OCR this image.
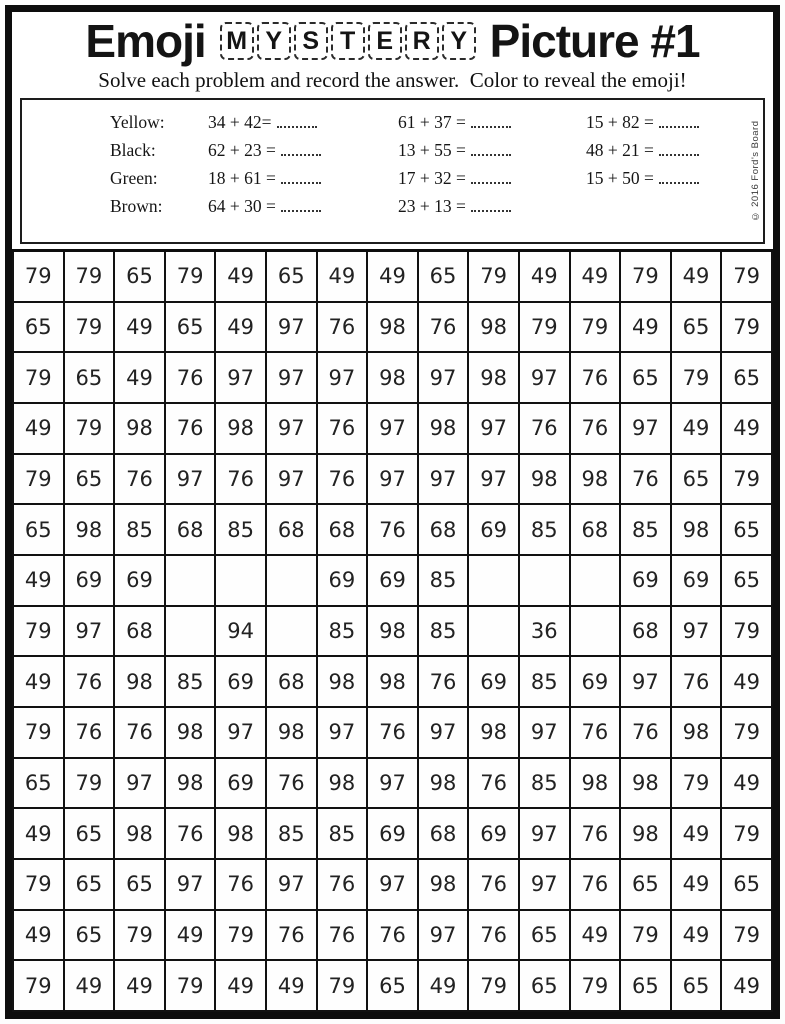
Emoji M Y S T E R Y Picture #1
Solve each problem and record the answer.  Color to reveal the emoji!
Yellow:	34 + 42=	61 + 37 =	15 + 82 =
Black:	62 + 23 =	13 + 55 =	48 + 21 =
Green:	18 + 61 =	17 + 32 =	15 + 50 =
Brown:	64 + 30 =	23 + 13 =	© 2016 Ford's Board
79	79	65	79	49	65	49	49	65	79	49	49	79	49	79
65	79	49	65	49	97	76	98	76	98	79	79	49	65	79
79	65	49	76	97	97	97	98	97	98	97	76	65	79	65
49	79	98	76	98	97	76	97	98	97	76	76	97	49	49
79	65	76	97	76	97	76	97	97	97	98	98	76	65	79
65	98	85	68	85	68	68	76	68	69	85	68	85	98	65
49	69	69				69	69	85				69	69	65
79	97	68		94		85	98	85		36		68	97	79
49	76	98	85	69	68	98	98	76	69	85	69	97	76	49
79	76	76	98	97	98	97	76	97	98	97	76	76	98	79
65	79	97	98	69	76	98	97	98	76	85	98	98	79	49
49	65	98	76	98	85	85	69	68	69	97	76	98	49	79
79	65	65	97	76	97	76	97	98	76	97	76	65	49	65
49	65	79	49	79	76	76	76	97	76	65	49	79	49	79
79	49	49	79	49	49	79	65	49	79	65	79	65	65	49
